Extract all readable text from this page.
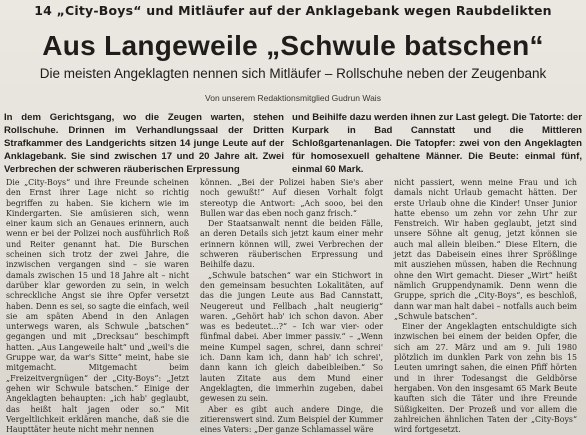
14 „City-Boys“ und Mitläufer auf der Anklagebank wegen Raubdelikten
Aus Langeweile „Schwule batschen“
Die meisten Angeklagten nennen sich Mitläufer – Rollschuhe neben der Zeugenbank
Von unserem Redaktionsmitglied Gudrun Wais
In dem Gerichtsgang, wo die Zeugen warten, stehen Rollschuhe. Drinnen im Verhandlungssaal der Dritten Strafkammer des Landgerichts sitzen 14 junge Leute auf der Anklagebank. Sie sind zwischen 17 und 20 Jahre alt. Zwei Verbrechen der schweren räuberischen Erpressung
und Beihilfe dazu werden ihnen zur Last gelegt. Die Tatorte: der Kurpark in Bad Cannstatt und die Mittleren Schloßgartenanlagen. Die Tatopfer: zwei von den Angeklagten für homosexuell gehaltene Männer. Die Beute: einmal fünf, einmal 60 Mark.

Die „City-Boys“ und ihre Freunde scheinen den Ernst ihrer Lage nicht so richtig begriffen zu haben. Sie kichern wie im Kindergarten. Sie amüsieren sich, wenn einer kaum sich an Genaues erinnern, auch wenn er bei der Polizei noch ausführlich Roß und Reiter genannt hat. Die Burschen scheinen sich trotz der zwei Jahre, die inzwischen vergangen sind – sie waren damals zwischen 15 und 18 Jahre alt – nicht darüber klar geworden zu sein, in welch schreckliche Angst sie ihre Opfer versetzt haben. Denn es sei, so sagte die einfach, weil sie am späten Abend in den Anlagen unterwegs waren, als Schwule „batschen“ gegangen und mit „Drecksau“ beschimpft hatten. „Aus Langeweile halt“ und „weil's die Gruppe war, da war's Sitte“ meint, habe sie mitgemacht. Mitgemacht beim „Freizeitvergnügen“ der „City-Boys“: „Jetzt gehen wir Schwule batschen.“ Einige der Angeklagten behaupten: „ich hab' geglaubt, das heißt halt jagen oder so.“ Mit Vergeltlichkeit erklären manche, daß sie die Haupttäter heute nicht mehr nennen

können. „Bei der Polizei haben Sie's aber noch gewußt!“ Auf diesen Vorhalt folgt stereotyp die Antwort: „Ach sooo, bei den Bullen war das eben noch ganz frisch.“

Der Staatsanwalt nennt die beiden Fälle, an deren Details sich jetzt kaum einer mehr erinnern können will, zwei Verbrechen der schweren räuberischen Erpressung und Beihilfe dazu.

„Schwule batschen“ war ein Stichwort in den gemeinsam besuchten Lokalitäten, auf das die jungen Leute aus Bad Cannstatt, Neugereut und Fellbach „halt neugierig“ waren. „Gehört hab' ich schon davon. Aber was es bedeutet…?“ – Ich war vier- oder fünfmal dabei. Aber immer passiv.“ – „Wenn meine Kumpel sagen, schrei, dann schrei' ich. Dann kam ich, dann hab' ich schrei', dann kann ich gleich dabeibleiben.“ So lauten Zitate aus dem Mund einer Angeklagten, die immerhin zugeben, dabei gewesen zu sein.

Aber es gibt auch andere Dinge, die zitierenswert sind. Zum Beispiel der Kummer eines Vaters: „Der ganze Schlamassel wäre

nicht passiert, wenn meine Frau und ich damals nicht Urlaub gemacht hätten. Der erste Urlaub ohne die Kinder! Unser Junior hatte ebenso um zehn vor zehn Uhr zur Fenstreich. Wir haben geglaubt, jetzt sind unsere Söhne alt genug, jetzt können sie auch mal allein bleiben.“ Diese Eltern, die jetzt das Dabeisein eines ihrer Sprößlinge mit ausziehen müssen, haben die Rechnung ohne den Wirt gemacht. Dieser „Wirt“ heißt nämlich Gruppendynamik. Denn wenn die Gruppe, sprich die „City-Boys“, es beschloß, dann war man halt dabei – notfalls auch beim „Schwule batschen“.

Einer der Angeklagten entschuldigte sich inzwischen bei einem der beiden Opfer, die sich am 27. März und am 9. Juli 1980 plötzlich im dunklen Park von zehn bis 15 Leuten umringt sahen, die einen Pfiff hörten und in ihrer Todesangst die Geldbörse hergaben. Von den insgesamt 65 Mark Beute kauften sich die Täter und ihre Freunde Süßigkeiten. Der Prozeß und vor allem die zahlreichen ähnlichen Taten der „City-Boys“ wird fortgesetzt.
